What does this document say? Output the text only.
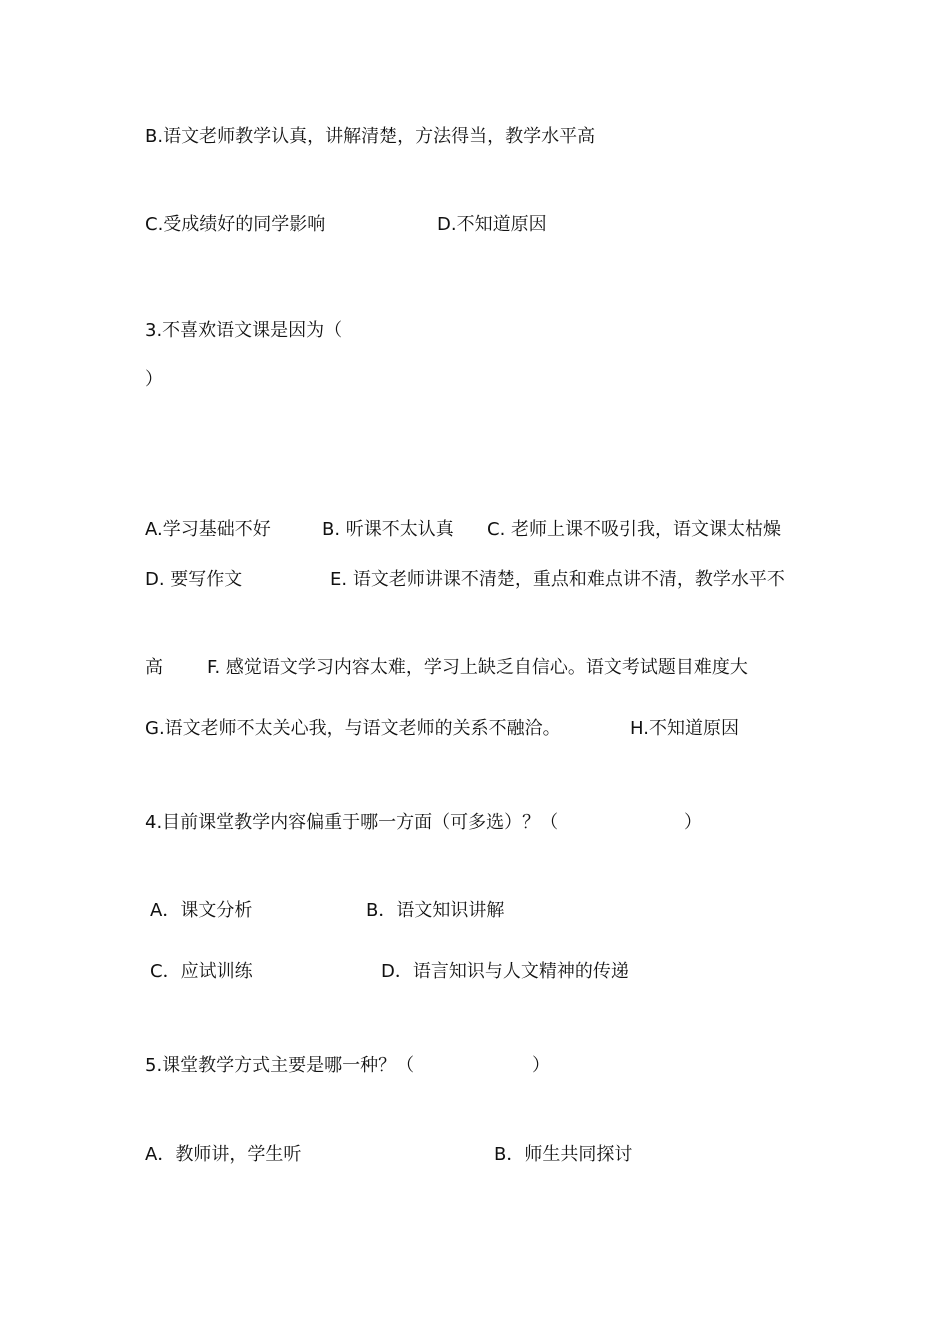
B.语文老师教学认真，讲解清楚，方法得当，教学水平高
C.受成绩好的同学影响	D.不知道原因
3.不喜欢语文课是因为（
）
A.学习基础不好	B. 听课不太认真 C. 老师上课不吸引我，语文课太枯燥
D. 要写作文	E. 语文老师讲课不清楚，重点和难点讲不清，教学水平不
高 F. 感觉语文学习内容太难，学习上缺乏自信心。语文考试题目难度大
G.语文老师不太关心我，与语文老师的关系不融洽。	H.不知道原因
4.目前课堂教学内容偏重于哪一方面（可多选）？（	）
A．课文分析	B．语文知识讲解
C．应试训练	D．语言知识与人文精神的传递
5.课堂教学方式主要是哪一种？（	）
A．教师讲，学生听	B．师生共同探讨
